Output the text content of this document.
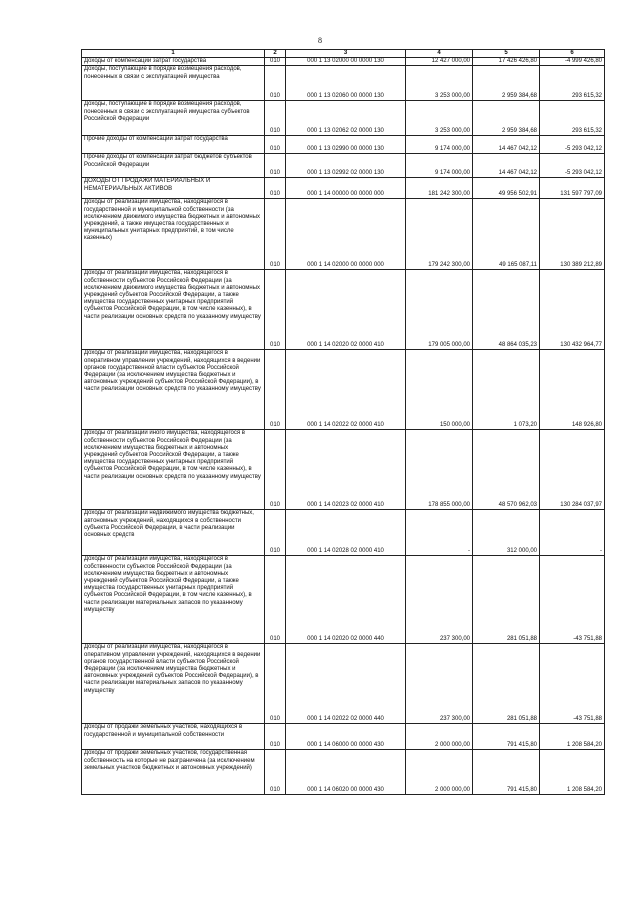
8
1	2	3	4	5	6

Доходы от компенсации затрат государства	010	000 1 13 02000 00 0000 130	12 427 000,00	17 426 426,80	-4 999 426,80

Доходы, поступающие в порядке возмещения расходов, понесенных в связи с эксплуатацией имущества	010	000 1 13 02060 00 0000 130	3 253 000,00	2 959 384,68	293 615,32

Доходы, поступающие в порядке возмещения расходов, понесенных в связи с эксплуатацией имущества субъектов Российской Федерации	010	000 1 13 02062 02 0000 130	3 253 000,00	2 959 384,68	293 615,32

Прочие доходы от компенсации затрат государства	010	000 1 13 02990 00 0000 130	9 174 000,00	14 467 042,12	-5 293 042,12

Прочие доходы от компенсации затрат бюджетов субъектов Российской Федерации	010	000 1 13 02992 02 0000 130	9 174 000,00	14 467 042,12	-5 293 042,12

ДОХОДЫ ОТ ПРОДАЖИ МАТЕРИАЛЬНЫХ И НЕМАТЕРИАЛЬНЫХ АКТИВОВ	010	000 1 14 00000 00 0000 000	181 242 300,00	49 956 502,91	131 597 797,09

Доходы от реализации имущества, находящегося в государственной и муниципальной собственности (за исключением движимого имущества бюджетных и автономных учреждений, а также имущества государственных и муниципальных унитарных предприятий, в том числе казенных)	010	000 1 14 02000 00 0000 000	179 242 300,00	49 165 087,11	130 389 212,89

Доходы от реализации имущества, находящегося в собственности субъектов Российской Федерации (за исключением движимого имущества бюджетных и автономных учреждений субъектов Российской Федерации, а также имущества государственных унитарных предприятий субъектов Российской Федерации, в том числе казенных), в части реализации основных средств по указанному имуществу	010	000 1 14 02020 02 0000 410	179 005 000,00	48 864 035,23	130 432 964,77

Доходы от реализации имущества, находящегося в оперативном управлении учреждений, находящихся в ведении органов государственной власти субъектов Российской Федерации (за исключением имущества бюджетных и автономных учреждений субъектов Российской Федерации), в части реализации основных средств по указанному имуществу	010	000 1 14 02022 02 0000 410	150 000,00	1 073,20	148 926,80

Доходы от реализации иного имущества, находящегося в собственности субъектов Российской Федерации (за исключением имущества бюджетных и автономных учреждений субъектов Российской Федерации, а также имущества государственных унитарных предприятий субъектов Российской Федерации, в том числе казенных), в части реализации основных средств по указанному имуществу	010	000 1 14 02023 02 0000 410	178 855 000,00	48 570 962,03	130 284 037,97

Доходы от реализации недвижимого имущества бюджетных, автономных учреждений, находящихся в собственности субъекта Российской Федерации, в части реализации основных средств	010	000 1 14 02028 02 0000 410	-	312 000,00	-

Доходы от реализации имущества, находящегося в собственности субъектов Российской Федерации (за исключением имущества бюджетных и автономных учреждений субъектов Российской Федерации, а также имущества государственных унитарных предприятий субъектов Российской Федерации, в том числе казенных), в части реализации материальных запасов по указанному имуществу	010	000 1 14 02020 02 0000 440	237 300,00	281 051,88	-43 751,88

Доходы от реализации имущества, находящегося в оперативном управлении учреждений, находящихся в ведении органов государственной власти субъектов Российской Федерации (за исключением имущества бюджетных и автономных учреждений субъектов Российской Федерации), в части реализации материальных запасов по указанному имуществу	010	000 1 14 02022 02 0000 440	237 300,00	281 051,88	-43 751,88

Доходы от продажи земельных участков, находящихся в государственной и муниципальной собственности	010	000 1 14 06000 00 0000 430	2 000 000,00	791 415,80	1 208 584,20

Доходы от продажи земельных участков, государственная собственность на которые не разграничена (за исключением земельных участков бюджетных и автономных учреждений)	010	000 1 14 06020 00 0000 430	2 000 000,00	791 415,80	1 208 584,20
